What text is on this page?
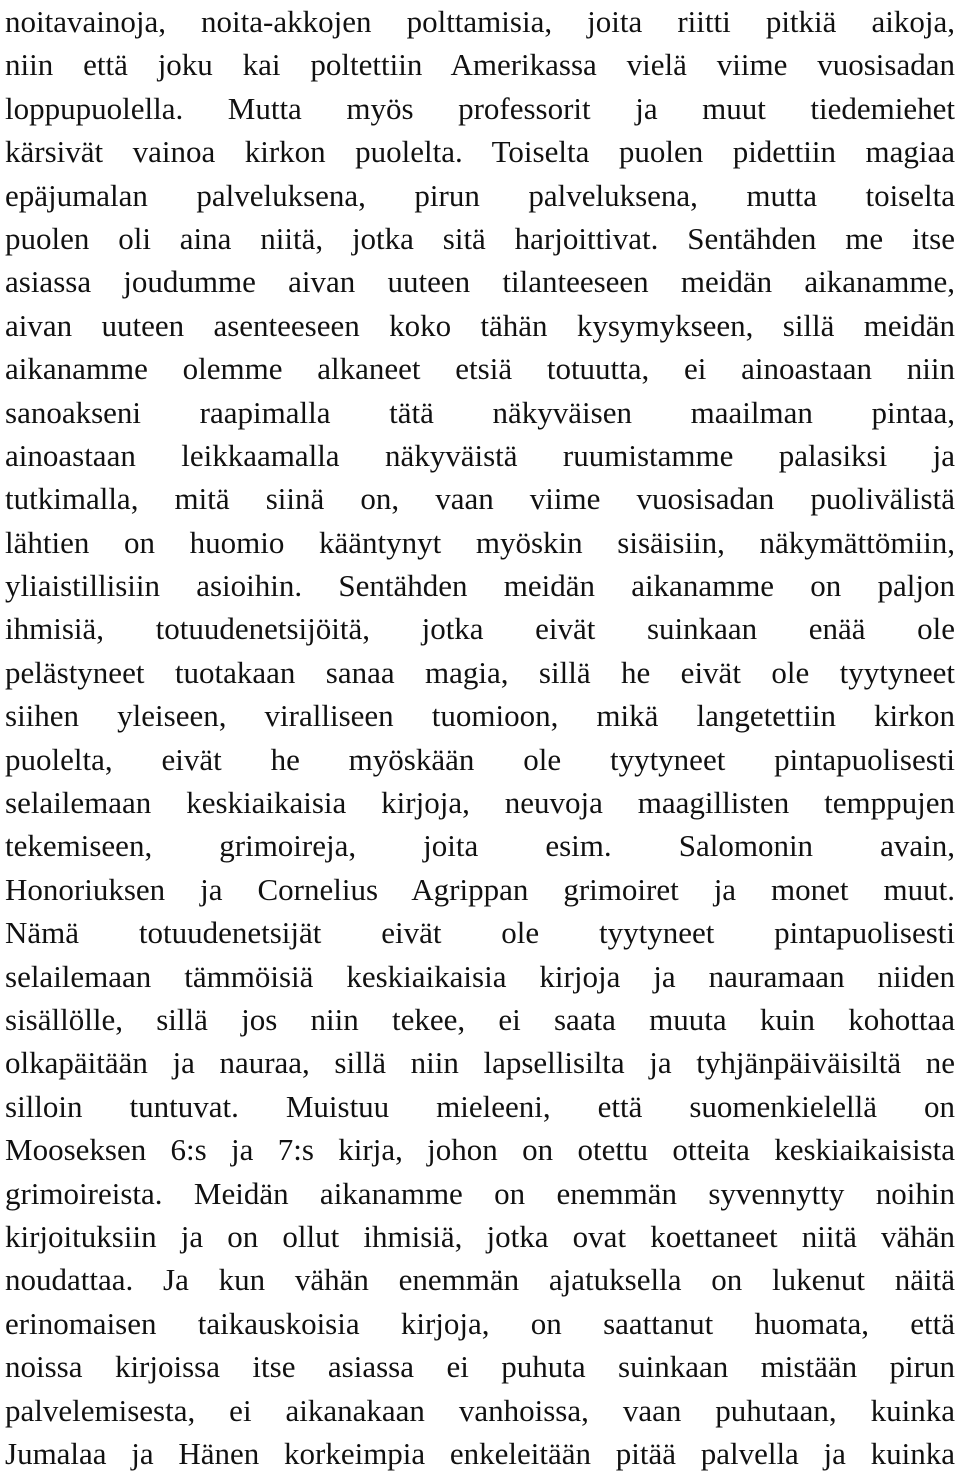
noitavainoja, noita-akkojen polttamisia, joita riitti pitkiä aikoja,
niin että joku kai poltettiin Amerikassa vielä viime vuosisadan
loppupuolella. Mutta myös professorit ja muut tiedemiehet
kärsivät vainoa kirkon puolelta. Toiselta puolen pidettiin magiaa
epäjumalan palveluksena, pirun palveluksena, mutta toiselta
puolen oli aina niitä, jotka sitä harjoittivat. Sentähden me itse
asiassa joudumme aivan uuteen tilanteeseen meidän aikanamme,
aivan uuteen asenteeseen koko tähän kysymykseen, sillä meidän
aikanamme olemme alkaneet etsiä totuutta, ei ainoastaan niin
sanoakseni raapimalla tätä näkyväisen maailman pintaa,
ainoastaan leikkaamalla näkyväistä ruumistamme palasiksi ja
tutkimalla, mitä siinä on, vaan viime vuosisadan puolivälistä
lähtien on huomio kääntynyt myöskin sisäisiin, näkymättömiin,
yliaistillisiin asioihin. Sentähden meidän aikanamme on paljon
ihmisiä, totuudenetsijöitä, jotka eivät suinkaan enää ole
pelästyneet tuotakaan sanaa magia, sillä he eivät ole tyytyneet
siihen yleiseen, viralliseen tuomioon, mikä langetettiin kirkon
puolelta, eivät he myöskään ole tyytyneet pintapuolisesti
selailemaan keskiaikaisia kirjoja, neuvoja maagillisten temppujen
tekemiseen, grimoireja, joita esim. Salomonin avain,
Honoriuksen ja Cornelius Agrippan grimoiret ja monet muut.
Nämä totuudenetsijät eivät ole tyytyneet pintapuolisesti
selailemaan tämmöisiä keskiaikaisia kirjoja ja nauramaan niiden
sisällölle, sillä jos niin tekee, ei saata muuta kuin kohottaa
olkapäitään ja nauraa, sillä niin lapsellisilta ja tyhjänpäiväisiltä ne
silloin tuntuvat. Muistuu mieleeni, että suomenkielellä on
Mooseksen 6:s ja 7:s kirja, johon on otettu otteita keskiaikaisista
grimoireista. Meidän aikanamme on enemmän syvennytty noihin
kirjoituksiin ja on ollut ihmisiä, jotka ovat koettaneet niitä vähän
noudattaa. Ja kun vähän enemmän ajatuksella on lukenut näitä
erinomaisen taikauskoisia kirjoja, on saattanut huomata, että
noissa kirjoissa itse asiassa ei puhuta suinkaan mistään pirun
palvelemisesta, ei aikanakaan vanhoissa, vaan puhutaan, kuinka
Jumalaa ja Hänen korkeimpia enkeleitään pitää palvella ja kuinka
